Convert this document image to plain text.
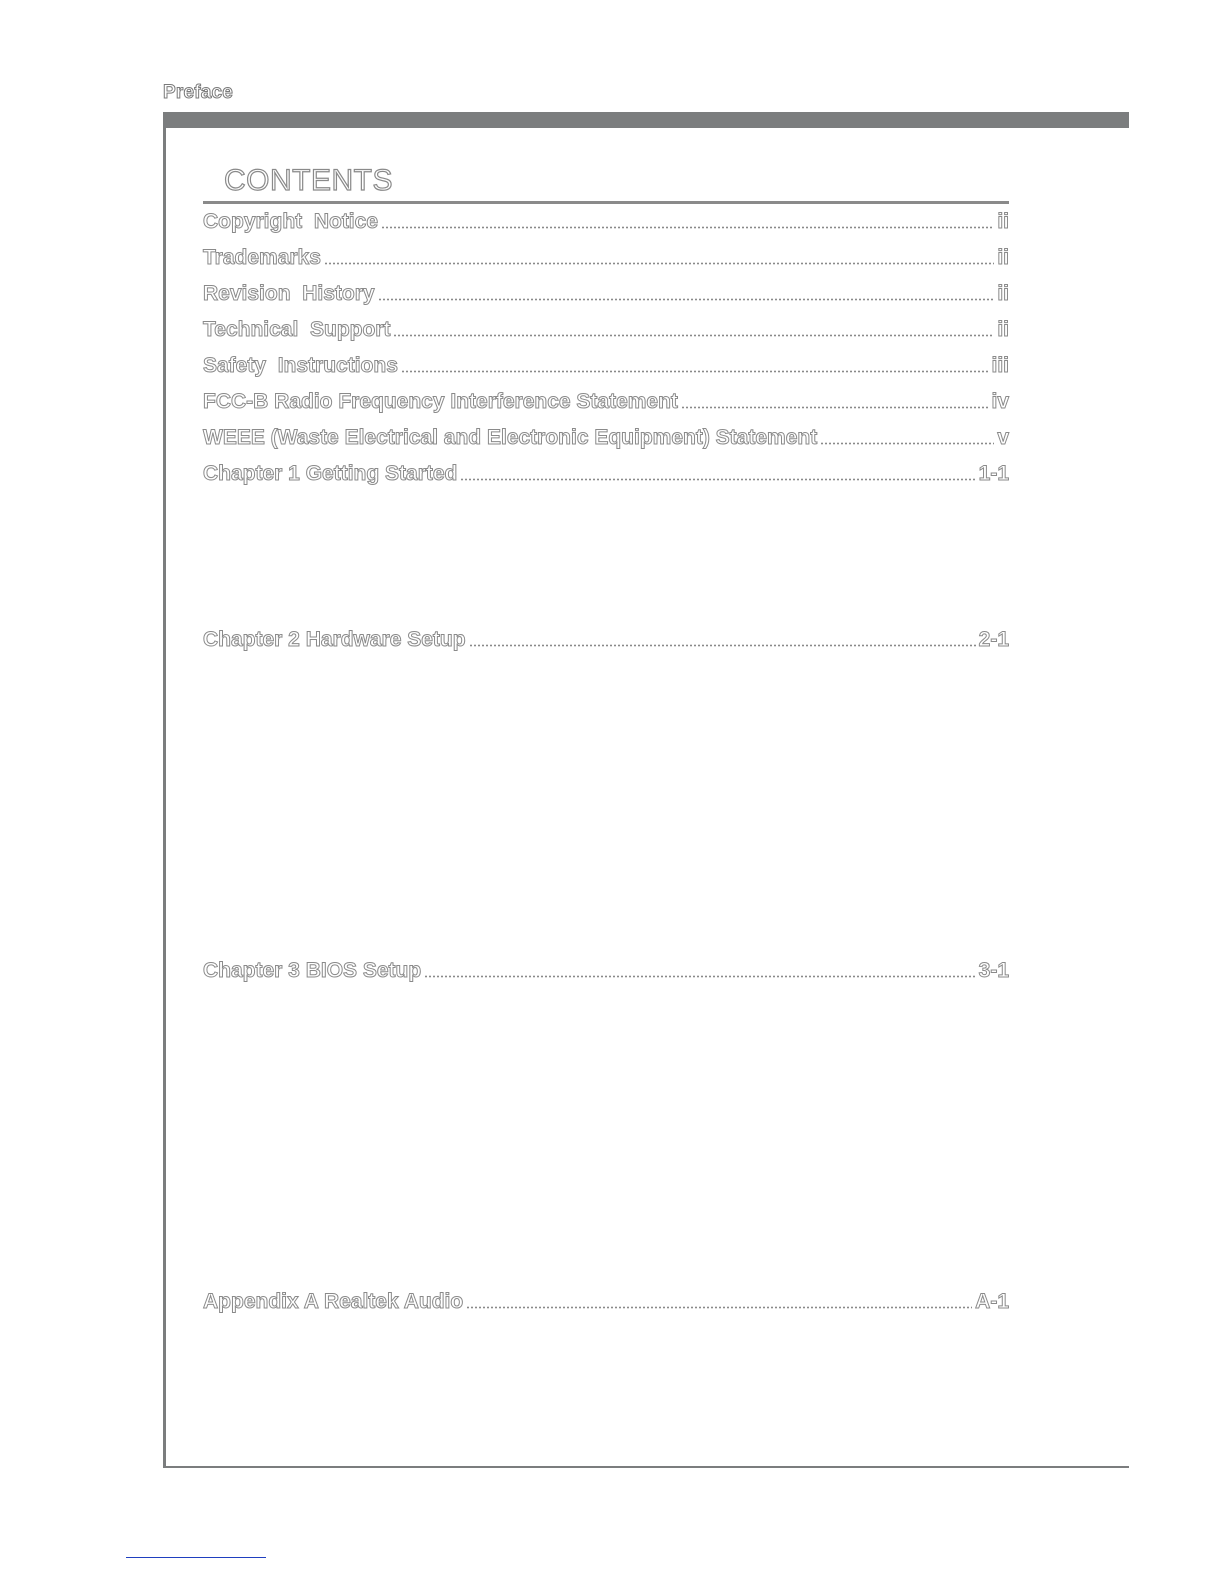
Preface
CONTENTS
Copyright  Notice	ii
Trademarks	ii
Revision  History	ii
Technical  Support	ii
Safety  Instructions	iii
FCC-B Radio Frequency Interference Statement	iv
WEEE (Waste Electrical and Electronic Equipment) Statement	v
Chapter 1 Getting Started	1-1
Chapter 2 Hardware Setup	2-1
Chapter 3 BIOS Setup	3-1
Appendix A Realtek Audio	A-1
